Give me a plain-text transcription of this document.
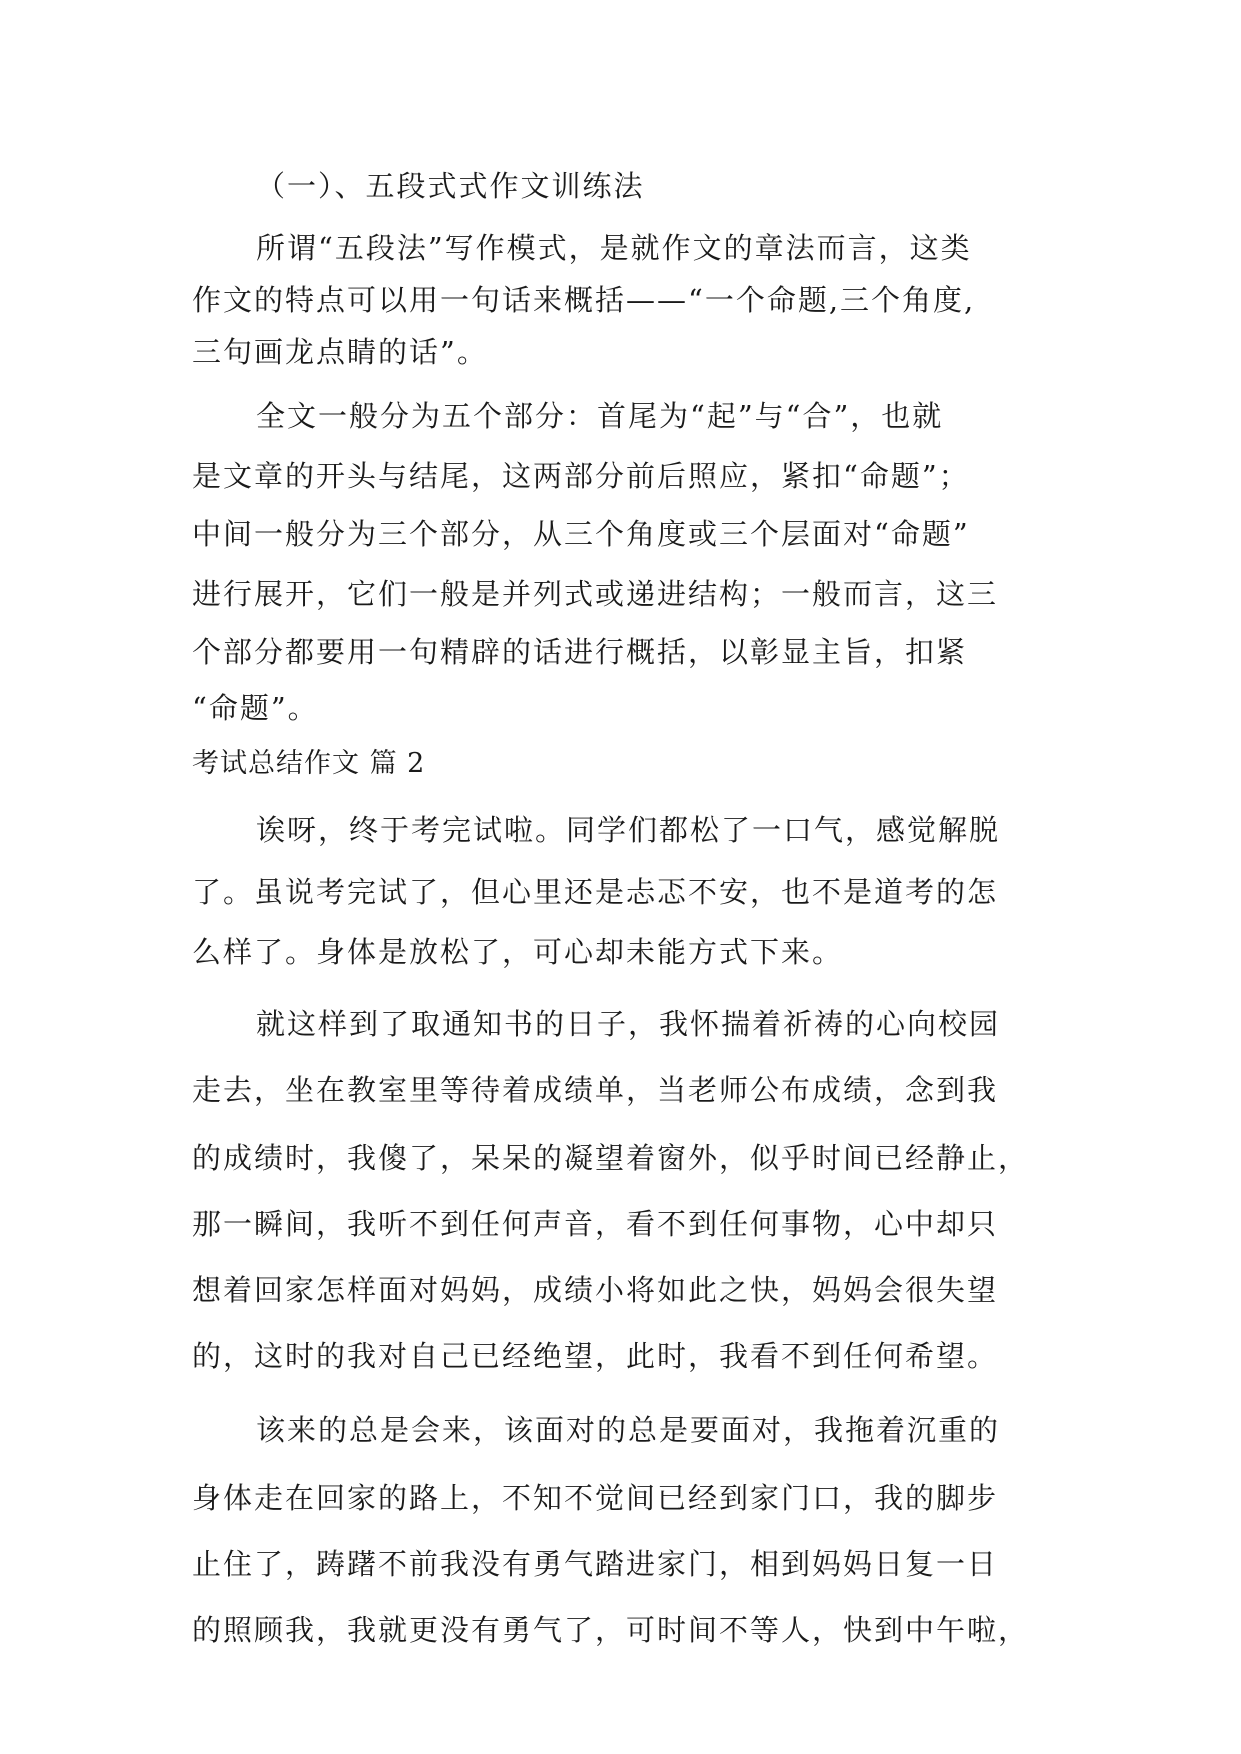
（一）、五段式式作文训练法
所谓“五段法”写作模式，是就作文的章法而言，这类
作文的特点可以用一句话来概括——“一个命题,三个角度,
三句画龙点睛的话”。
全文一般分为五个部分：首尾为“起”与“合”，也就
是文章的开头与结尾，这两部分前后照应，紧扣“命题”；
中间一般分为三个部分，从三个角度或三个层面对“命题”
进行展开，它们一般是并列式或递进结构；一般而言，这三
个部分都要用一句精辟的话进行概括，以彰显主旨，扣紧
“命题”。
考试总结作文 篇 2
诶呀，终于考完试啦。同学们都松了一口气，感觉解脱
了。虽说考完试了，但心里还是忐忑不安，也不是道考的怎
么样了。身体是放松了，可心却未能方式下来。
就这样到了取通知书的日子，我怀揣着祈祷的心向校园
走去，坐在教室里等待着成绩单，当老师公布成绩，念到我
的成绩时，我傻了，呆呆的凝望着窗外，似乎时间已经静止，
那一瞬间，我听不到任何声音，看不到任何事物，心中却只
想着回家怎样面对妈妈，成绩小将如此之快，妈妈会很失望
的，这时的我对自己已经绝望，此时，我看不到任何希望。
该来的总是会来，该面对的总是要面对，我拖着沉重的
身体走在回家的路上，不知不觉间已经到家门口，我的脚步
止住了，踌躇不前我没有勇气踏进家门，相到妈妈日复一日
的照顾我，我就更没有勇气了，可时间不等人，快到中午啦，
